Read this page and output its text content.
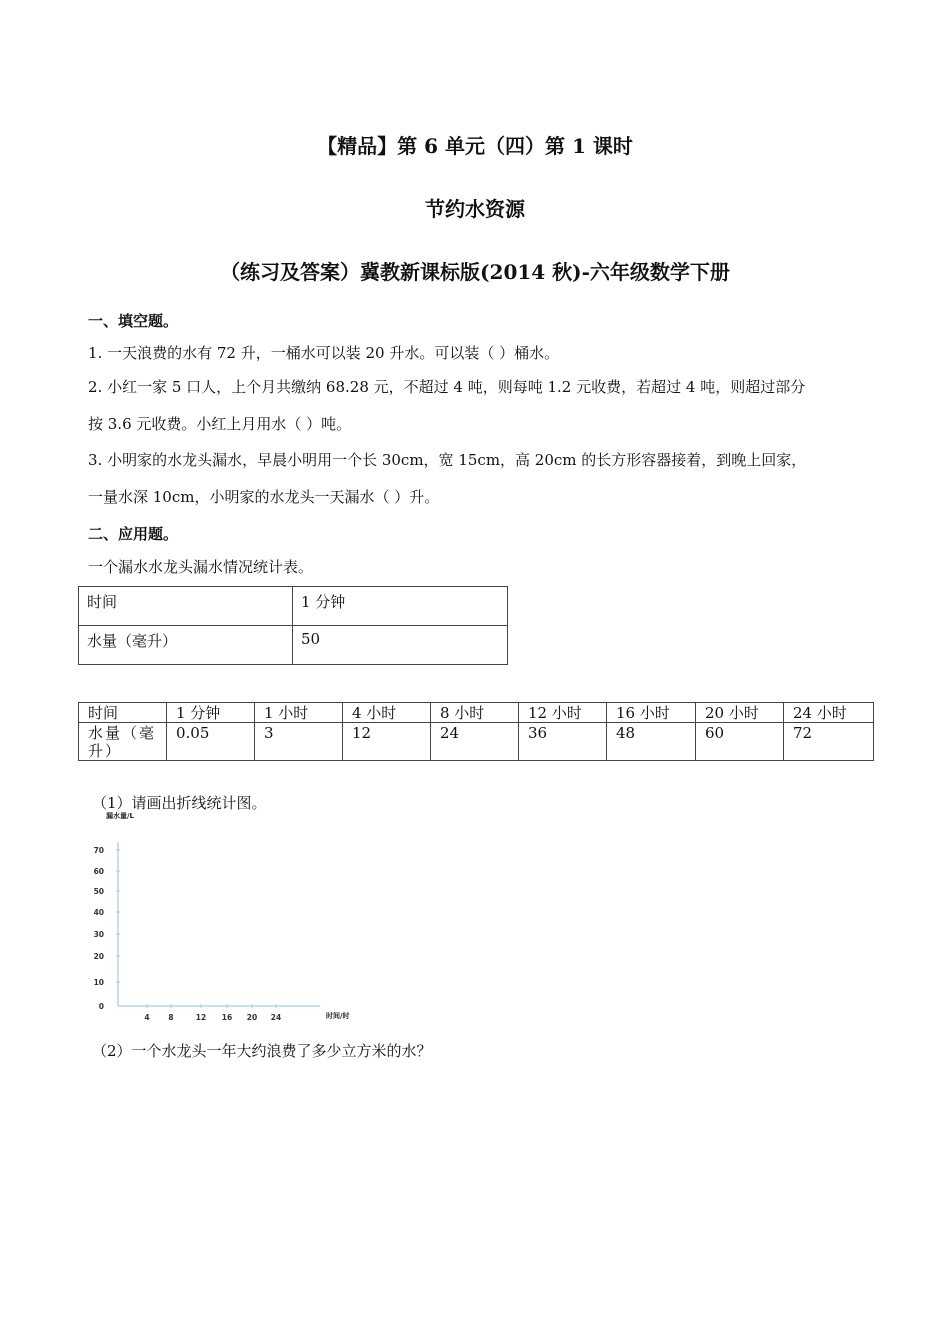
【精品】第 6 单元（四）第 1 课时
节约水资源
（练习及答案）冀教新课标版(2014 秋)-六年级数学下册
一、填空题。
1. 一天浪费的水有 72 升，一桶水可以装 20 升水。可以装（ ）桶水。
2. 小红一家 5 口人，上个月共缴纳 68.28 元，不超过 4 吨，则每吨 1.2 元收费，若超过 4 吨，则超过部分
按 3.6 元收费。小红上月用水（ ）吨。
3. 小明家的水龙头漏水，早晨小明用一个长 30cm，宽 15cm，高 20cm 的长方形容器接着，到晚上回家，
一量水深 10cm，小明家的水龙头一天漏水（ ）升。
二、应用题。
一个漏水水龙头漏水情况统计表。
时间	1 分钟
水量（毫升）	50
时间	1 分钟	1 小时	4 小时	8 小时	12 小时	16 小时	20 小时	24 小时
水量（毫升）	0.05	3	12	24	36	48	60	72
（1）请画出折线统计图。
漏水量/L
时间/时
0
10
20
30
40
50
60
70
4	8	12 16 20 24
（2）一个水龙头一年大约浪费了多少立方米的水？
